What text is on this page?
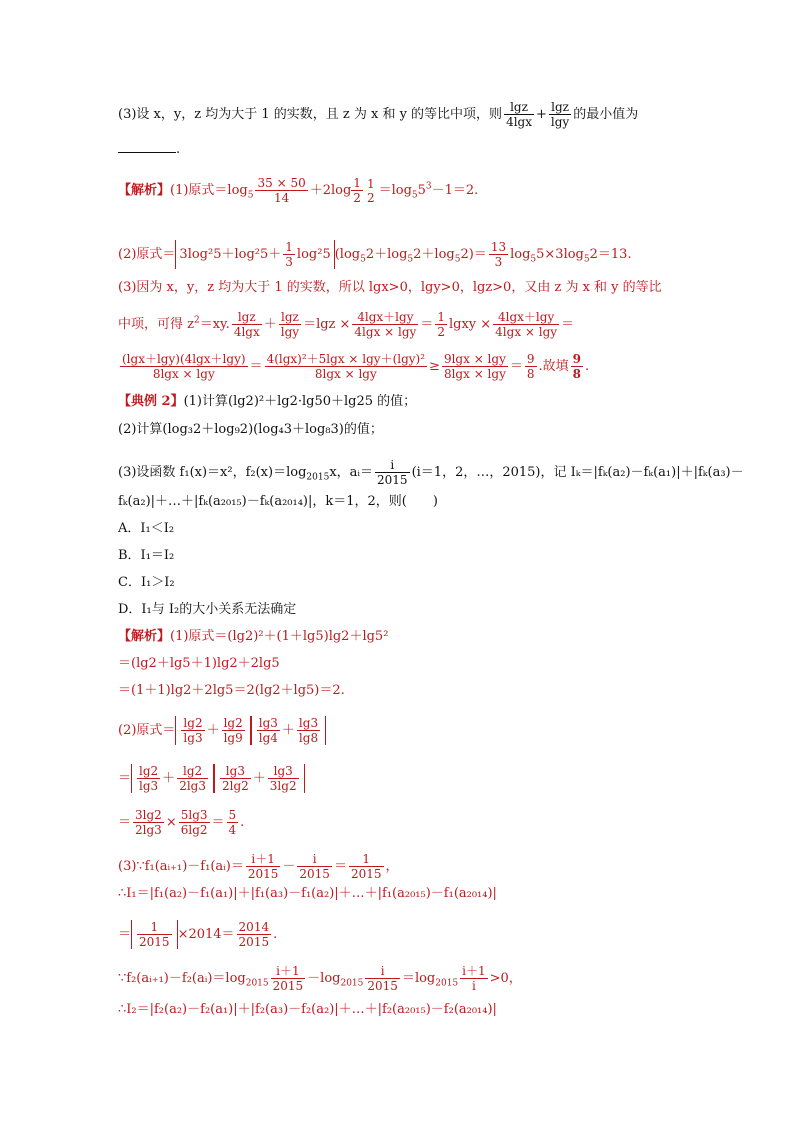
(3)设 x，y，z 均为大于 1 的实数，且 z 为 x 和 y 的等比中项，则 $\frac{\lg z}{4\lg x} + \frac{\lg z}{\lg y}$ 的最小值为
.
【解析】(1)原式$=\log_5 \frac{35 \times 50}{14} +2\log \frac{1}{2} 1$
$2 =\log_55^3-1=2$.
(2)原式＝ $3\log^25+\log^25+ \frac{1}{3} \log^25$ $(\log_52+\log_52+\log_52)= \frac{13}{3} \log_55\times 3\log_52=13$.
(3)因为 x，y，z 均为大于 1 的实数，所以 lgx>0，lgy>0，lgz>0，又由 z 为 x 和 y 的等比
中项，可得 $z^2=xy$. $\frac{\lg z}{4\lg x} + \frac{\lg z}{\lg y} =\lg z \times \frac{4\lg x+\lg y}{4\lg x \times \lg y} = \frac{1}{2}$ lgxy × $\frac{4\lg x+\lg y}{4\lg x \times \lg y}$ ＝
$\frac{(\lg x+\lg y)(4\lg x+\lg y)}{8\lg x \times \lg y} = \frac{\text{4(lgx)²＋5lgx × lgy＋(lgy)²}}{8\lg x \times \lg y} \ge \frac{9\lg x \times \lg y}{8\lg x \times \lg y} = \frac{9}{8}$ .故填 $\frac{9}{8}$ .
【典例 2】(1)计算(lg2)²＋lg2·lg50＋lg25 的值；
(2)计算(log₃2＋log₉2)(log₄3＋log₈3)的值；
(3)设函数 f₁(x)＝x²，$f_2(x)=\log_{2015}x$，aᵢ＝ $\frac{i}{2015} (i=1$，2，…，2015)，记 Iₖ＝|fₖ(a₂)－fₖ(a₁)|＋|fₖ(a₃)－
fₖ(a₂)|＋…＋|fₖ(a₂₀₁₅)－fₖ(a₂₀₁₄)|，k＝1，2，则(　　)
A．I₁＜I₂
B．I₁＝I₂
C．I₁＞I₂
D．I₁与 I₂的大小关系无法确定
【解析】(1)原式＝(lg2)²＋(1＋lg5)lg2＋lg5²
＝(lg2＋lg5＋1)lg2＋2lg5
＝(1＋1)lg2＋2lg5＝2(lg2＋lg5)＝2.
(2)原式＝ $\frac{\lg 2}{\lg 3} + \frac{\lg 2}{\lg 9} \frac{\lg 3}{\lg 4} + \frac{\lg 3}{\lg 8}$
＝ $\frac{\lg 2}{\lg 3} + \frac{\lg 2}{2\lg 3} \frac{\lg 3}{2\lg 2} + \frac{\lg 3}{3\lg 2}$
＝ $\frac{3\lg 2}{2\lg 3} \times \frac{5\lg 3}{6\lg 2} = \frac{5}{4}$ .
(3)∵f₁(aᵢ₊₁)－f₁(aᵢ)＝ $\frac{i+1}{2015} - \frac{i}{2015} = \frac{1}{2015}$ ，
∴I₁＝|f₁(a₂)－f₁(a₁)|＋|f₁(a₃)－f₁(a₂)|＋…＋|f₁(a₂₀₁₅)－f₁(a₂₀₁₄)|
＝ $\frac{1}{2015} \times 2014= \frac{2014}{2015}$ .
$\because f_2(aᵢ_{+1})-f_2(aᵢ)=\log_{2015} \frac{i+1}{2015} -\log_{2015} \frac{i}{2015} =\log_{2015} \frac{i+1}{i} >0$，
∴I₂＝|f₂(a₂)－f₂(a₁)|＋|f₂(a₃)－f₂(a₂)|＋…＋|f₂(a₂₀₁₅)－f₂(a₂₀₁₄)|
